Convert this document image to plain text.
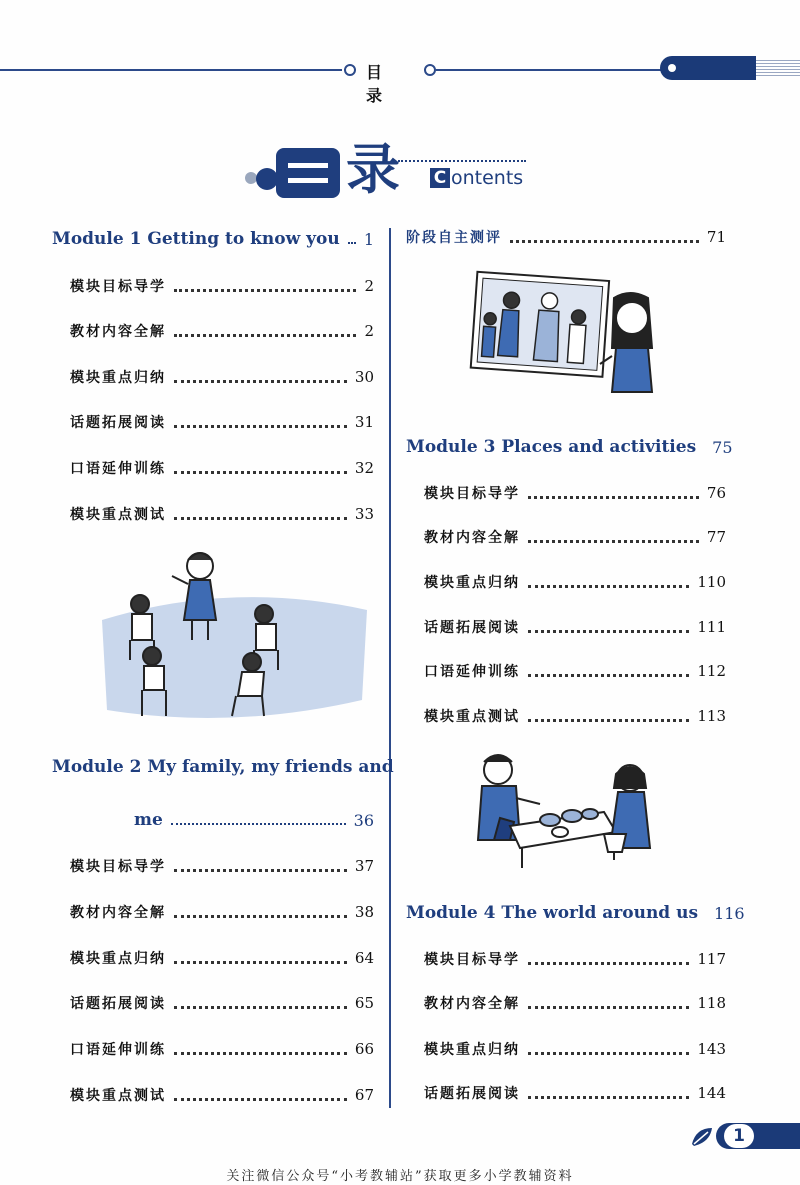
目 录
录 C ontents
Module 1 Getting to know you 1
模块目标导学	2
教材内容全解	2
模块重点归纳	30
话题拓展阅读	31
口语延伸训练	32
模块重点测试	33
Module 2 My family, my friends and
me	36
模块目标导学	37
教材内容全解	38
模块重点归纳	64
话题拓展阅读	65
口语延伸训练	66
模块重点测试	67
阶段自主测评	71
Module 3 Places and activities 75
模块目标导学	76
教材内容全解	77
模块重点归纳	110
话题拓展阅读	111
口语延伸训练	112
模块重点测试	113
Module 4 The world around us 116
模块目标导学	117
教材内容全解	118
模块重点归纳	143
话题拓展阅读	144
1
关注微信公众号“小考教辅站”获取更多小学教辅资料
